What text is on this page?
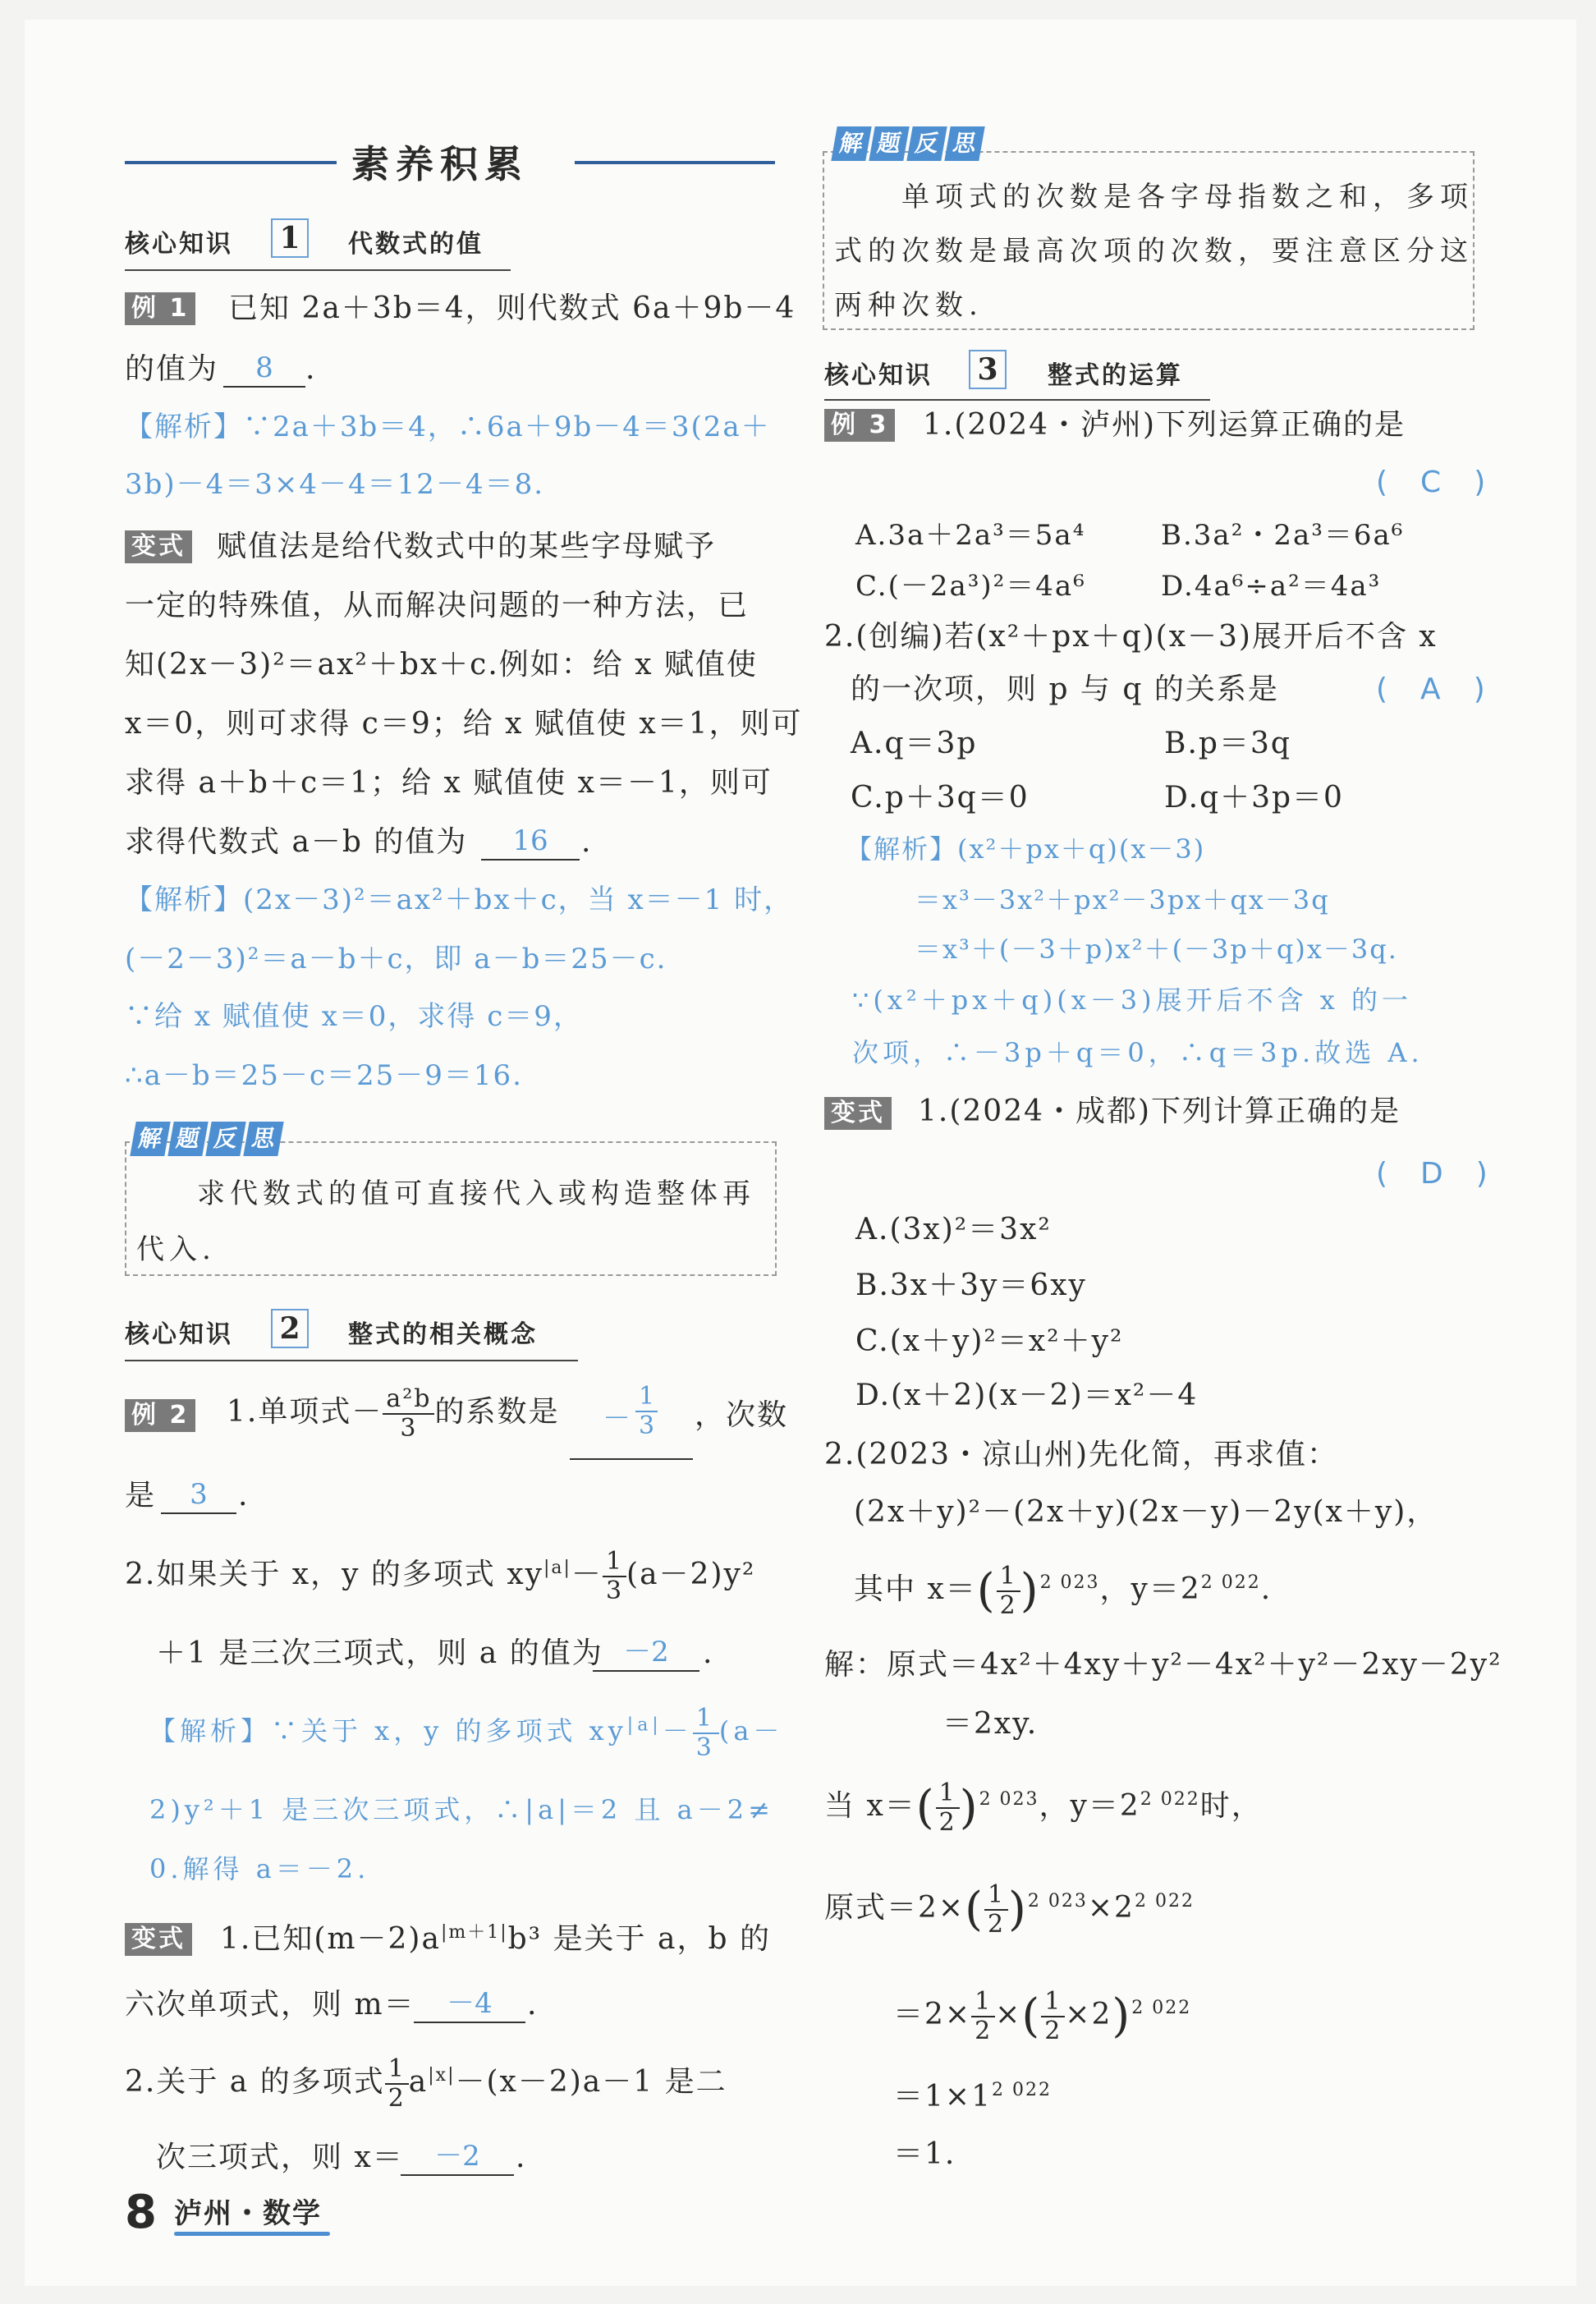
素养积累
核心知识 1	代数式的值
例 1 已知 2a＋3b＝4，则代数式 6a＋9b－4
的值为	8	.
【解析】∵2a＋3b＝4，∴6a＋9b－4＝3(2a＋
3b)－4＝3×4－4＝12－4＝8.
变式 赋值法是给代数式中的某些字母赋予
一定的特殊值，从而解决问题的一种方法，已
知(2x－3)²＝ax²＋bx＋c.例如：给 x 赋值使
x＝0，则可求得 c＝9；给 x 赋值使 x＝1，则可
求得 a＋b＋c＝1；给 x 赋值使 x＝－1，则可
求得代数式 a－b 的值为	16	.
【解析】(2x－3)²＝ax²＋bx＋c，当 x＝－1 时，
(－2－3)²＝a－b＋c，即 a－b＝25－c.
∵给 x 赋值使 x＝0，求得 c＝9，
∴a－b＝25－c＝25－9＝16.
解 题 反 思
求代数式的值可直接代入或构造整体再
代入.
核心知识 2	整式的相关概念
例 2 1.单项式－ $\frac{\text{a²b}}{3}$ 的系数是 － $\frac{1}{3}$ ，次数
是	3	.
2.如果关于 x，y 的多项式 $xy^{|a|}- \frac{1}{3} (a-2)y^2$
＋1 是三次三项式，则 a 的值为 －2	.
【解析】∵关于 x，y 的多项式 $xy^{|a|}- \frac{1}{3} (a-$
2)y²＋1 是三次三项式，∴|a|＝2 且 a－2≠
0.解得 a＝－2.
变式 1.已知$(m-2)a^{|m+1|}b^3$ 是关于 a，b 的
六次单项式，则 m＝	－4	.
2.关于 a 的多项式 $\frac{1}{2} a^{|x|}-(x-2)a-1$ 是二
次三项式，则 x＝	－2	.
解 题 反 思
单项式的次数是各字母指数之和，多项
式的次数是最高次项的次数，要注意区分这
两种次数.
核心知识 3	整式的运算
例 3 1.(2024・泸州)下列运算正确的是
(　C　)
A.3a＋2a³＝5a⁴	B.3a²・2a³＝6a⁶
C.(－2a³)²＝4a⁶	D.4a⁶÷a²＝4a³
2.(创编)若(x²＋px＋q)(x－3)展开后不含 x
的一次项，则 p 与 q 的关系是	(　A　)
A.q＝3p	B.p＝3q
C.p＋3q＝0	D.q＋3p＝0
【解析】(x²＋px＋q)(x－3)
＝x³－3x²＋px²－3px＋qx－3q
＝x³＋(－3＋p)x²＋(－3p＋q)x－3q.
∵(x²＋px＋q)(x－3)展开后不含 x 的一
次项，∴－3p＋q＝0，∴q＝3p.故选 A.
变式 1.(2024・成都)下列计算正确的是
(　D　)
A.(3x)²＝3x²
B.3x＋3y＝6xy
C.(x＋y)²＝x²＋y²
D.(x＋2)(x－2)＝x²－4
2.(2023・凉山州)先化简，再求值：
(2x＋y)²－(2x＋y)(2x－y)－2y(x＋y)，
其中 $x=( \frac{1}{2} )^{2 023}$，$y=2^{2 022}$.
解：原式＝4x²＋4xy＋y²－4x²＋y²－2xy－2y²
＝2xy.
当 $x=( \frac{1}{2} )^{2 023}$，$y=2^{2 022}$时，
原式$=2\times( \frac{1}{2} )^{2 023}\times 2^{2 022}$
$=2\times \frac{1}{2}$ ×( $\frac{1}{2} \times 2)^{2 022}$
$=1\times 1^{2 022}$
＝1.
8 泸州・数学
